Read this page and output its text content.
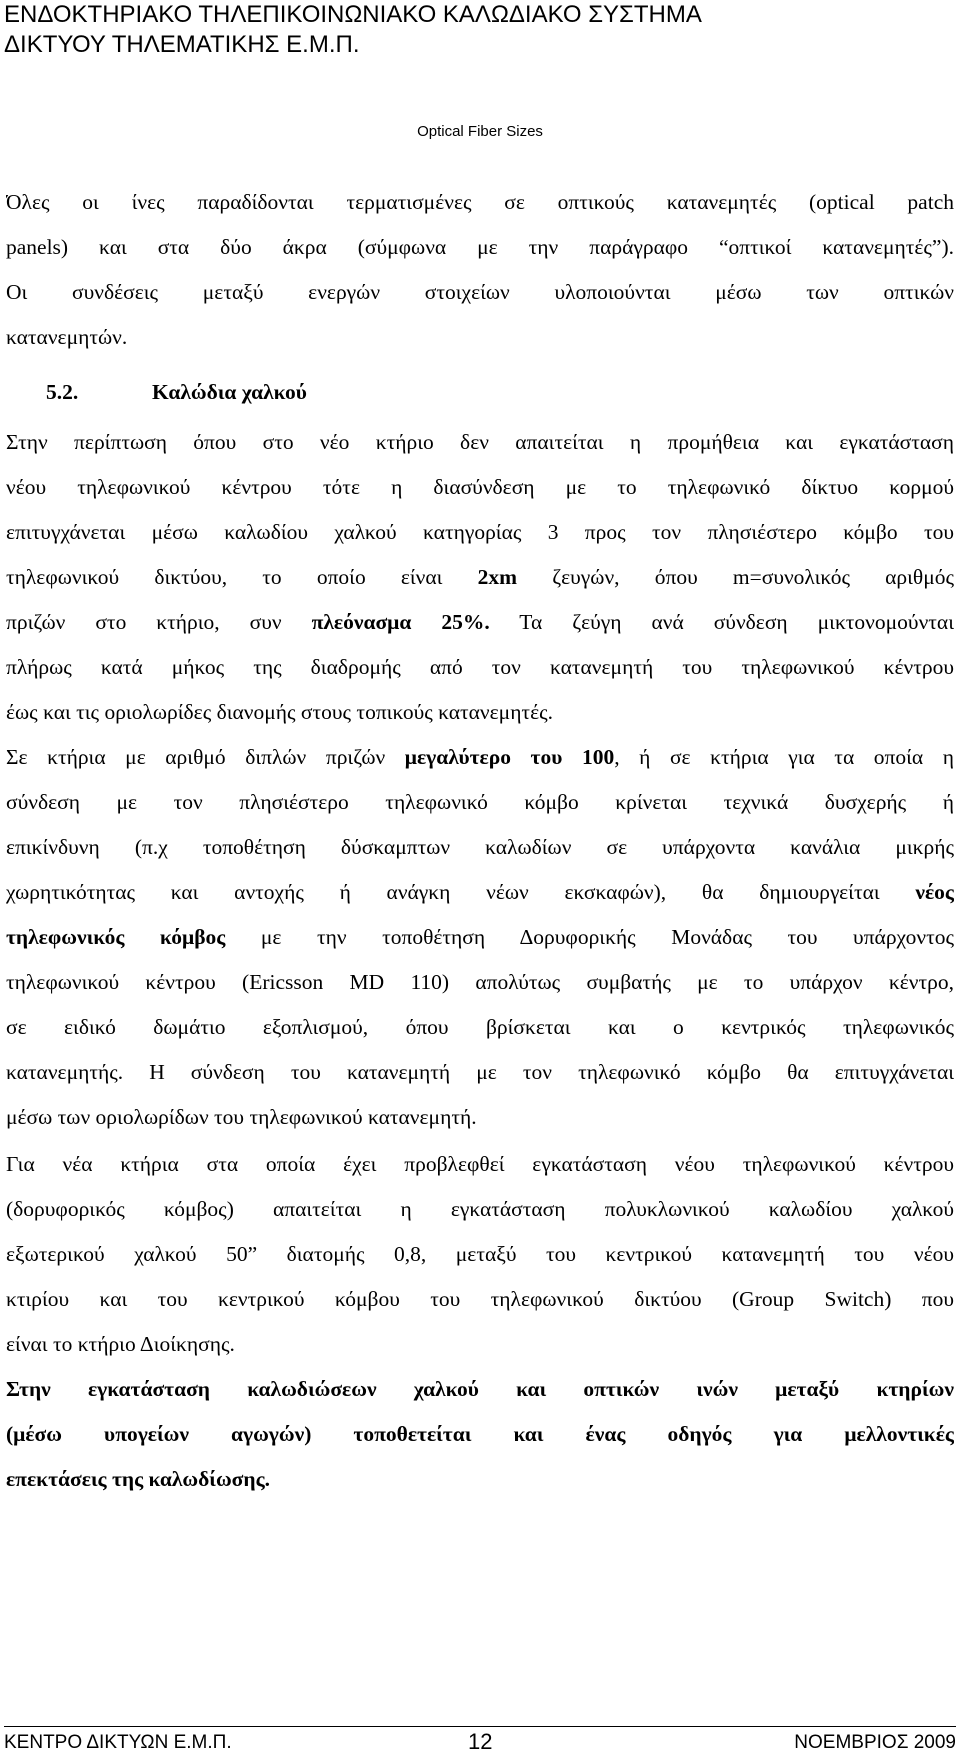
ΕΝΔΟΚΤΗΡΙΑΚΟ ΤΗΛΕΠΙΚΟΙΝΩΝΙΑΚΟ ΚΑΛΩΔΙΑΚΟ ΣΥΣΤΗΜΑ
ΔΙΚΤΥΟΥ ΤΗΛΕΜΑΤΙΚΗΣ Ε.Μ.Π.
Optical Fiber Sizes
Όλες οι ίνες παραδίδονται τερματισμένες σε οπτικούς κατανεμητές (optical patch
panels) και στα δύο άκρα (σύμφωνα με την παράγραφο “οπτικοί κατανεμητές”).
Οι συνδέσεις μεταξύ ενεργών στοιχείων υλοποιούνται μέσω των οπτικών
κατανεμητών.
5.2.	Καλώδια χαλκού
Στην περίπτωση όπου στο νέο κτήριο δεν απαιτείται η προμήθεια και εγκατάσταση
νέου τηλεφωνικού κέντρου τότε η διασύνδεση με το τηλεφωνικό δίκτυο κορμού
επιτυγχάνεται μέσω καλωδίου χαλκού κατηγορίας 3 προς τον πλησιέστερο κόμβο του
τηλεφωνικού δικτύου, το οποίο είναι 2xm ζευγών, όπου m=συνολικός αριθμός
πριζών στο κτήριο, συν πλεόνασμα 25%. Τα ζεύγη ανά σύνδεση μικτονομούνται
πλήρως κατά μήκος της διαδρομής από τον κατανεμητή του τηλεφωνικού κέντρου
έως και τις οριολωρίδες διανομής στους τοπικούς κατανεμητές.
Σε κτήρια με αριθμό διπλών πριζών μεγαλύτερο του 100, ή σε κτήρια για τα οποία η
σύνδεση με τον πλησιέστερο τηλεφωνικό κόμβο κρίνεται τεχνικά δυσχερής ή
επικίνδυνη (π.χ τοποθέτηση δύσκαμπτων καλωδίων σε υπάρχοντα κανάλια μικρής
χωρητικότητας και αντοχής ή ανάγκη νέων εκσκαφών), θα δημιουργείται νέος
τηλεφωνικός κόμβος με την τοποθέτηση Δορυφορικής Μονάδας του υπάρχοντος
τηλεφωνικού κέντρου (Ericsson MD 110) απολύτως συμβατής με το υπάρχον κέντρο,
σε ειδικό δωμάτιο εξοπλισμού, όπου βρίσκεται και ο κεντρικός τηλεφωνικός
κατανεμητής. Η σύνδεση του κατανεμητή με τον τηλεφωνικό κόμβο θα επιτυγχάνεται
μέσω των οριολωρίδων του τηλεφωνικού κατανεμητή.
Για νέα κτήρια στα οποία έχει προβλεφθεί εγκατάσταση νέου τηλεφωνικού κέντρου
(δορυφορικός κόμβος) απαιτείται η εγκατάσταση πολυκλωνικού καλωδίου χαλκού
εξωτερικού χαλκού 50” διατομής 0,8, μεταξύ του κεντρικού κατανεμητή του νέου
κτιρίου και του κεντρικού κόμβου του τηλεφωνικού δικτύου (Group Switch) που
είναι το κτήριο Διοίκησης.
Στην εγκατάσταση καλωδιώσεων χαλκού και οπτικών ινών μεταξύ κτηρίων
(μέσω υπογείων αγωγών) τοποθετείται και ένας οδηγός για μελλοντικές
επεκτάσεις της καλωδίωσης.
ΚΕΝΤΡΟ ΔΙΚΤΥΩΝ Ε.Μ.Π.	12	ΝΟΕΜΒΡΙΟΣ 2009
